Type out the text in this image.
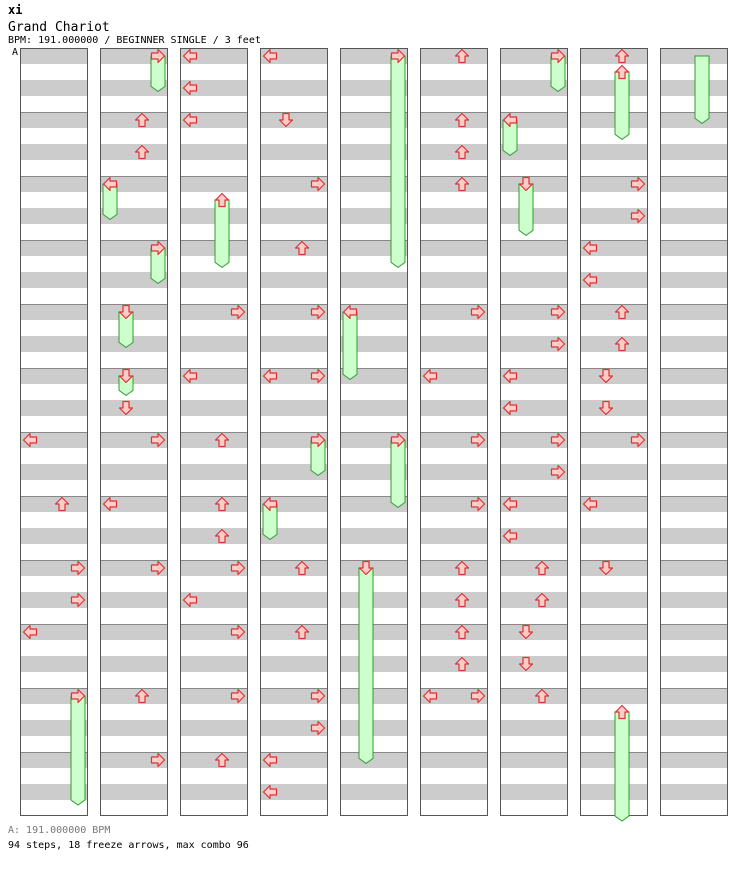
xi
Grand Chariot
BPM: 191.000000 / BEGINNER SINGLE / 3 feet
A
A: 191.000000 BPM
94 steps, 18 freeze arrows, max combo 96
